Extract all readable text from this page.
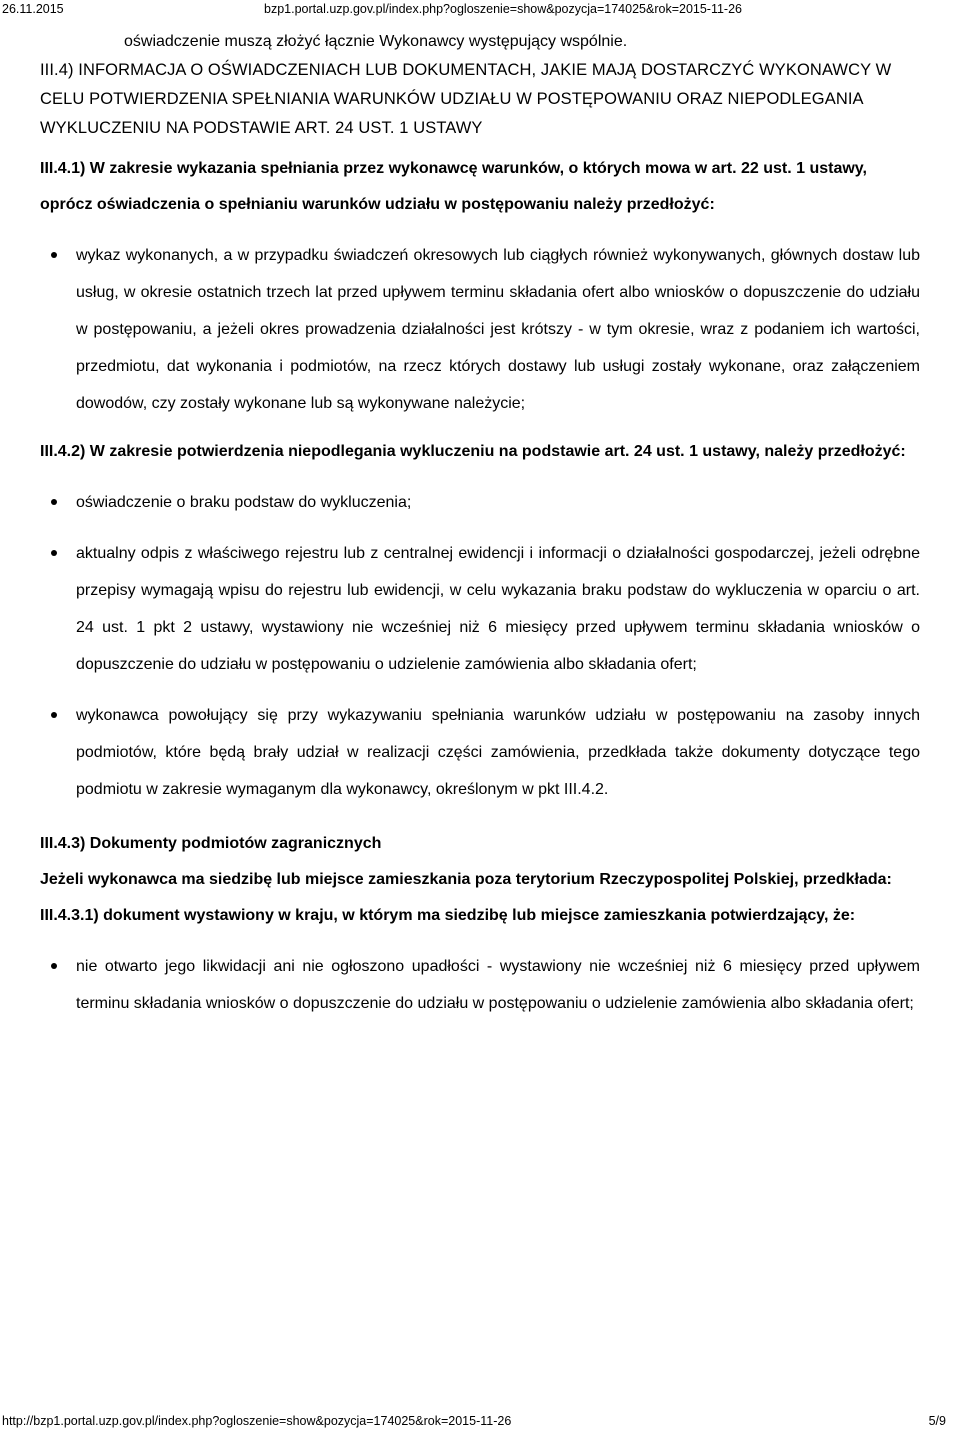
26.11.2015	bzp1.portal.uzp.gov.pl/index.php?ogloszenie=show&pozycja=174025&rok=2015-11-26

oświadczenie muszą złożyć łącznie Wykonawcy występujący wspólnie.

III.4) INFORMACJA O OŚWIADCZENIACH LUB DOKUMENTACH, JAKIE MAJĄ DOSTARCZYĆ WYKONAWCY W CELU POTWIERDZENIA SPEŁNIANIA WARUNKÓW UDZIAŁU W POSTĘPOWANIU ORAZ NIEPODLEGANIA WYKLUCZENIU NA PODSTAWIE ART. 24 UST. 1 USTAWY

III.4.1) W zakresie wykazania spełniania przez wykonawcę warunków, o których mowa w art. 22 ust. 1 ustawy, oprócz oświadczenia o spełnianiu warunków udziału w postępowaniu należy przedłożyć:

wykaz wykonanych, a w przypadku świadczeń okresowych lub ciągłych również wykonywanych, głównych dostaw lub usług, w okresie ostatnich trzech lat przed upływem terminu składania ofert albo wniosków o dopuszczenie do udziału w postępowaniu, a jeżeli okres prowadzenia działalności jest krótszy - w tym okresie, wraz z podaniem ich wartości, przedmiotu, dat wykonania i podmiotów, na rzecz których dostawy lub usługi zostały wykonane, oraz załączeniem dowodów, czy zostały wykonane lub są wykonywane należycie;

III.4.2) W zakresie potwierdzenia niepodlegania wykluczeniu na podstawie art. 24 ust. 1 ustawy, należy przedłożyć:

oświadczenie o braku podstaw do wykluczenia;
aktualny odpis z właściwego rejestru lub z centralnej ewidencji i informacji o działalności gospodarczej, jeżeli odrębne przepisy wymagają wpisu do rejestru lub ewidencji, w celu wykazania braku podstaw do wykluczenia w oparciu o art. 24 ust. 1 pkt 2 ustawy, wystawiony nie wcześniej niż 6 miesięcy przed upływem terminu składania wniosków o dopuszczenie do udziału w postępowaniu o udzielenie zamówienia albo składania ofert;
wykonawca powołujący się przy wykazywaniu spełniania warunków udziału w postępowaniu na zasoby innych podmiotów, które będą brały udział w realizacji części zamówienia, przedkłada także dokumenty dotyczące tego podmiotu w zakresie wymaganym dla wykonawcy, określonym w pkt III.4.2.

III.4.3) Dokumenty podmiotów zagranicznych

Jeżeli wykonawca ma siedzibę lub miejsce zamieszkania poza terytorium Rzeczypospolitej Polskiej, przedkłada:

III.4.3.1) dokument wystawiony w kraju, w którym ma siedzibę lub miejsce zamieszkania potwierdzający, że:

nie otwarto jego likwidacji ani nie ogłoszono upadłości - wystawiony nie wcześniej niż 6 miesięcy przed upływem terminu składania wniosków o dopuszczenie do udziału w postępowaniu o udzielenie zamówienia albo składania ofert;
http://bzp1.portal.uzp.gov.pl/index.php?ogloszenie=show&pozycja=174025&rok=2015-11-26	5/9
